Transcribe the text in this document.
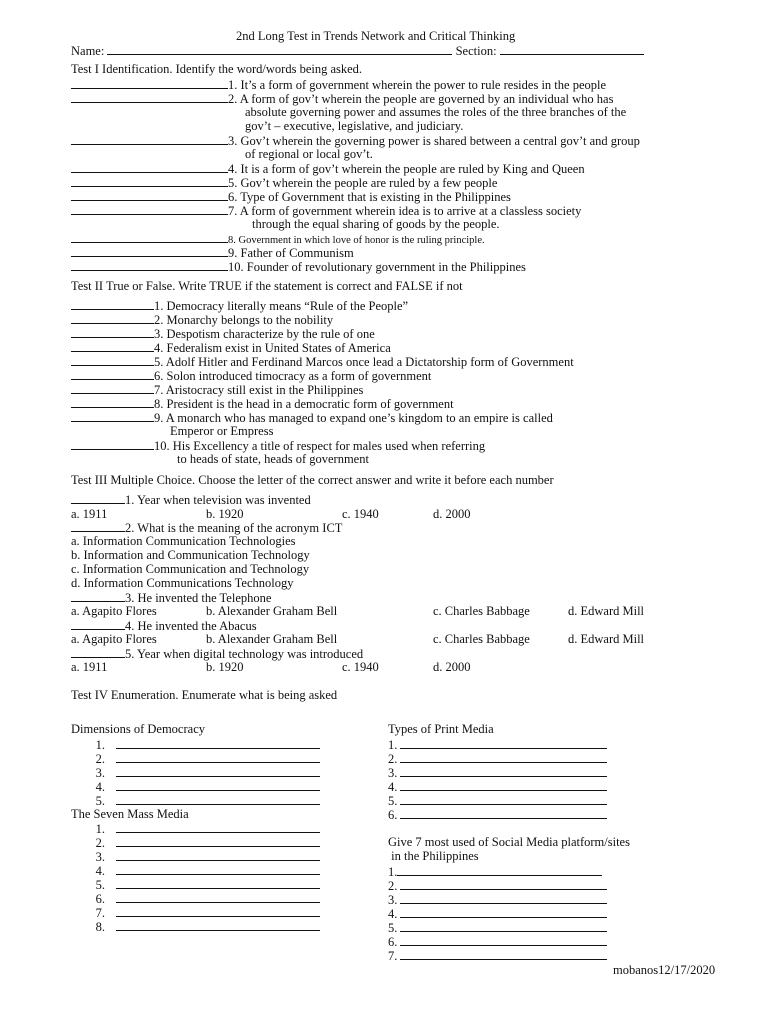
2nd Long Test in Trends Network and Critical Thinking
Name:	Section:
Test I Identification. Identify the word/words being asked.
1. It’s a form of government wherein the power to rule resides in the people
2. A form of gov’t wherein the people are governed by an individual who has
absolute governing power and assumes the roles of the three branches of the
gov’t – executive, legislative, and judiciary.
3. Gov’t wherein the governing power is shared between a central gov’t and group
of regional or local gov’t.
4. It is a form of gov’t wherein the people are ruled by King and Queen
5. Gov’t wherein the people are ruled by a few people
6. Type of Government that is existing in the Philippines
7. A form of government wherein idea is to arrive at a classless society
through the equal sharing of goods by the people.
8. Government in which love of honor is the ruling principle.
9. Father of Communism
10. Founder of revolutionary government in the Philippines
Test II True or False. Write TRUE if the statement is correct and FALSE if not
1. Democracy literally means “Rule of the People”
2. Monarchy belongs to the nobility
3. Despotism characterize by the rule of one
4. Federalism exist in United States of America
5. Adolf Hitler and Ferdinand Marcos once lead a Dictatorship form of Government
6. Solon introduced timocracy as a form of government
7. Aristocracy still exist in the Philippines
8. President is the head in a democratic form of government
9. A monarch who has managed to expand one’s kingdom to an empire is called
Emperor or Empress
10. His Excellency a title of respect for males used when referring
to heads of state, heads of government
Test III Multiple Choice. Choose the letter of the correct answer and write it before each number
1. Year when television was invented
a. 1911	b. 1920	c. 1940	d. 2000
2. What is the meaning of the acronym ICT
a. Information Communication Technologies
b. Information and Communication Technology
c. Information Communication and Technology
d. Information Communications Technology
3. He invented the Telephone
a. Agapito Flores	b. Alexander Graham Bell	c. Charles Babbage	d. Edward Mill
4. He invented the Abacus
a. Agapito Flores	b. Alexander Graham Bell	c. Charles Babbage	d. Edward Mill
5. Year when digital technology was introduced
a. 1911	b. 1920	c. 1940	d. 2000
Test IV Enumeration. Enumerate what is being asked
Dimensions of Democracy
1.
2.
3.
4.
5.
The Seven Mass Media
1.
2.
3.
4.
5.
6.
7.
8.
Types of Print Media
1.
2.
3.
4.
5.
6.
Give 7 most used of Social Media platform/sites
in the Philippines
1.
2.
3.
4.
5.
6.
7.
mobanos12/17/2020
